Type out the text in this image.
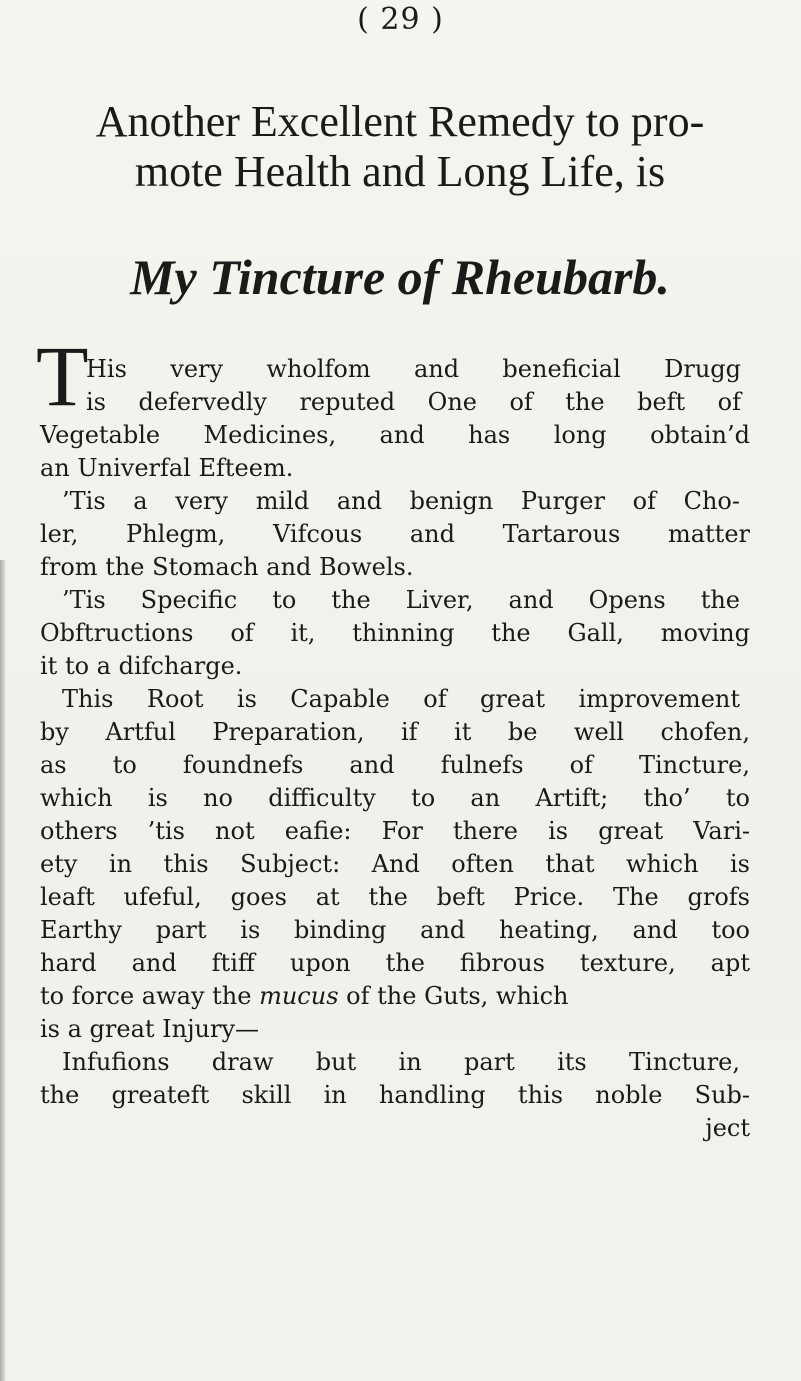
( 29 )
Another Excellent Remedy to pro-
mote Health and Long Life, is
My Tincture of Rheubarb.
T
His very wholfom and beneficial Drugg
is defervedly reputed One of the beft of
Vegetable Medicines, and has long obtain’d
an Univerfal Efteem.
’Tis a very mild and benign Purger of Cho-
ler, Phlegm, Vifcous and Tartarous matter
from the Stomach and Bowels.
’Tis Specific to the Liver, and Opens the
Obftructions of it, thinning the Gall, moving
it to a difcharge.
This Root is Capable of great improvement
by Artful Preparation, if it be well chofen,
as to foundnefs and fulnefs of Tincture,
which is no difficulty to an Artift; tho’ to
others ’tis not eafie: For there is great Vari-
ety in this Subject: And often that which is
leaft ufeful, goes at the beft Price. The grofs
Earthy part is binding and heating, and too
hard and ftiff upon the fibrous texture, apt
to force away the mucus of the Guts, which
is a great Injury—
Infufions draw but in part its Tincture,
the greateft skill in handling this noble Sub-
ject
